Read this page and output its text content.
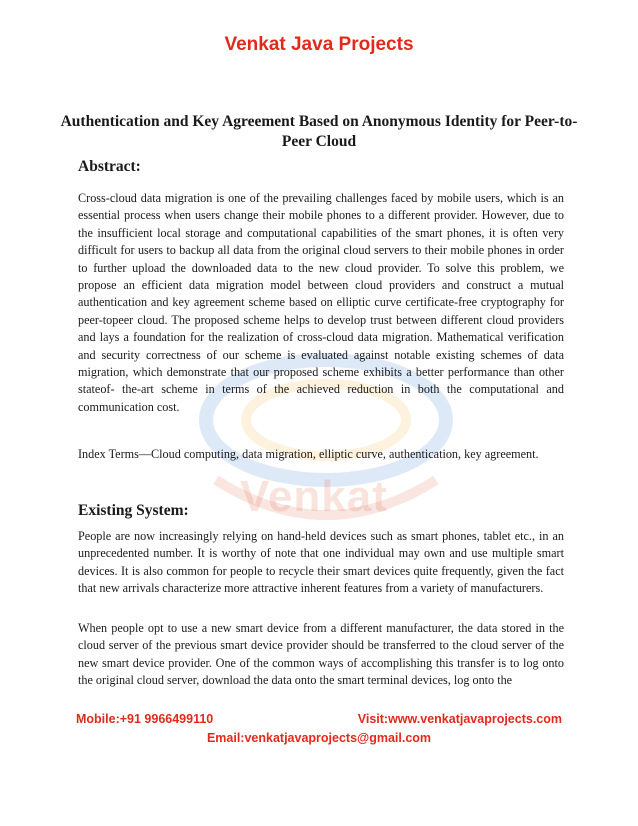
Venkat
Venkat Java Projects
Authentication and Key Agreement Based on Anonymous Identity for Peer-to-Peer Cloud
Abstract:
Cross-cloud data migration is one of the prevailing challenges faced by mobile users, which is an essential process when users change their mobile phones to a different provider. However, due to the insufficient local storage and computational capabilities of the smart phones, it is often very difficult for users to backup all data from the original cloud servers to their mobile phones in order to further upload the downloaded data to the new cloud provider. To solve this problem, we propose an efficient data migration model between cloud providers and construct a mutual authentication and key agreement scheme based on elliptic curve certificate-free cryptography for peer-topeer cloud. The proposed scheme helps to develop trust between different cloud providers and lays a foundation for the realization of cross-cloud data migration. Mathematical verification and security correctness of our scheme is evaluated against notable existing schemes of data migration, which demonstrate that our proposed scheme exhibits a better performance than other stateof- the-art scheme in terms of the achieved reduction in both the computational and communication cost.
Index Terms—Cloud computing, data migration, elliptic curve, authentication, key agreement.
Existing System:
People are now increasingly relying on hand-held devices such as smart phones, tablet etc., in an unprecedented number. It is worthy of note that one individual may own and use multiple smart devices. It is also common for people to recycle their smart devices quite frequently, given the fact that new arrivals characterize more attractive inherent features from a variety of manufacturers.
When people opt to use a new smart device from a different manufacturer, the data stored in the cloud server of the previous smart device provider should be transferred to the cloud server of the new smart device provider. One of the common ways of accomplishing this transfer is to log onto the original cloud server, download the data onto the smart terminal devices, log onto the
Mobile:+91 9966499110	Visit:www.venkatjavaprojects.com
Email:venkatjavaprojects@gmail.com
